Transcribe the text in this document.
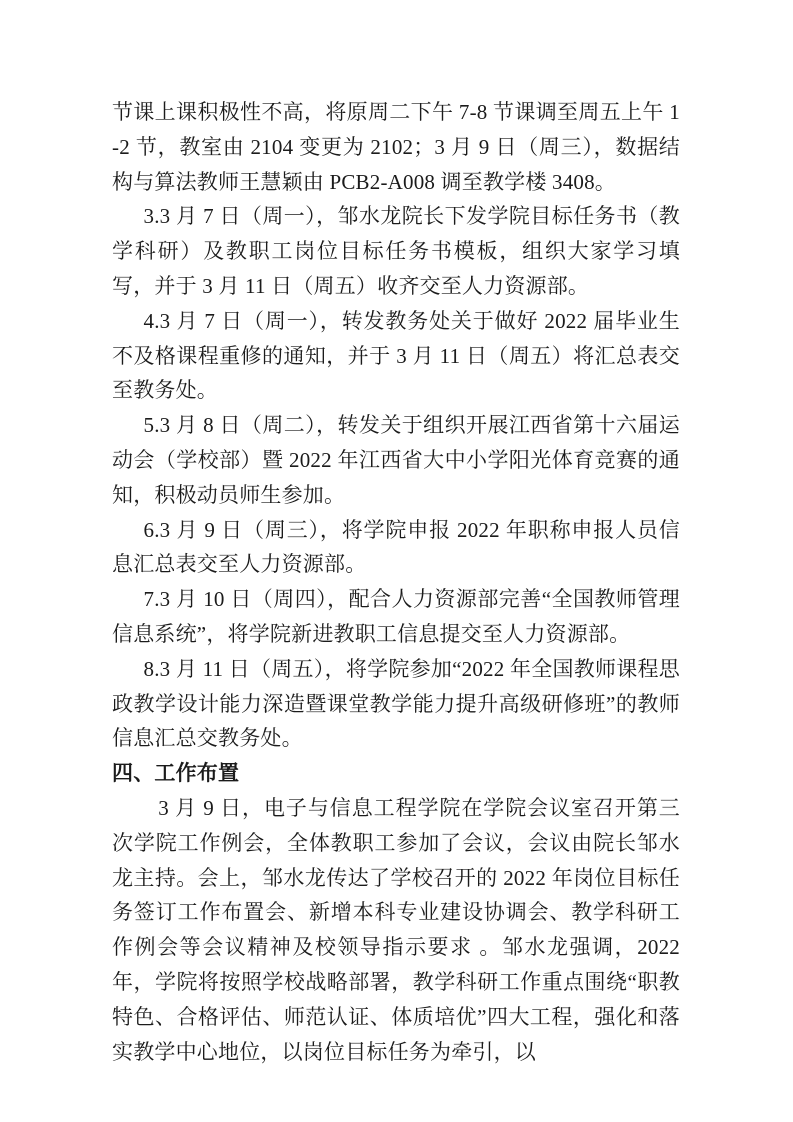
节课上课积极性不高，将原周二下午 7-8 节课调至周五上午 1-2 节，教室由 2104 变更为 2102；3 月 9 日（周三），数据结构与算法教师王慧颖由 PCB2-A008 调至教学楼 3408。

3.3 月 7 日（周一），邹水龙院长下发学院目标任务书（教学科研）及教职工岗位目标任务书模板，组织大家学习填写，并于 3 月 11 日（周五）收齐交至人力资源部。

4.3 月 7 日（周一），转发教务处关于做好 2022 届毕业生不及格课程重修的通知，并于 3 月 11 日（周五）将汇总表交至教务处。

5.3 月 8 日（周二），转发关于组织开展江西省第十六届运动会（学校部）暨 2022 年江西省大中小学阳光体育竞赛的通知，积极动员师生参加。

6.3 月 9 日（周三），将学院申报 2022 年职称申报人员信息汇总表交至人力资源部。

7.3 月 10 日（周四），配合人力资源部完善“全国教师管理信息系统”，将学院新进教职工信息提交至人力资源部。

8.3 月 11 日（周五），将学院参加“2022 年全国教师课程思政教学设计能力深造暨课堂教学能力提升高级研修班”的教师信息汇总交教务处。

四、工作布置

3 月 9 日，电子与信息工程学院在学院会议室召开第三次学院工作例会，全体教职工参加了会议，会议由院长邹水龙主持。会上，邹水龙传达了学校召开的 2022 年岗位目标任务签订工作布置会、新增本科专业建设协调会、教学科研工作例会等会议精神及校领导指示要求 。邹水龙强调，2022 年，学院将按照学校战略部署，教学科研工作重点围绕“职教特色、合格评估、师范认证、体质培优”四大工程，强化和落实教学中心地位，以岗位目标任务为牵引，以
